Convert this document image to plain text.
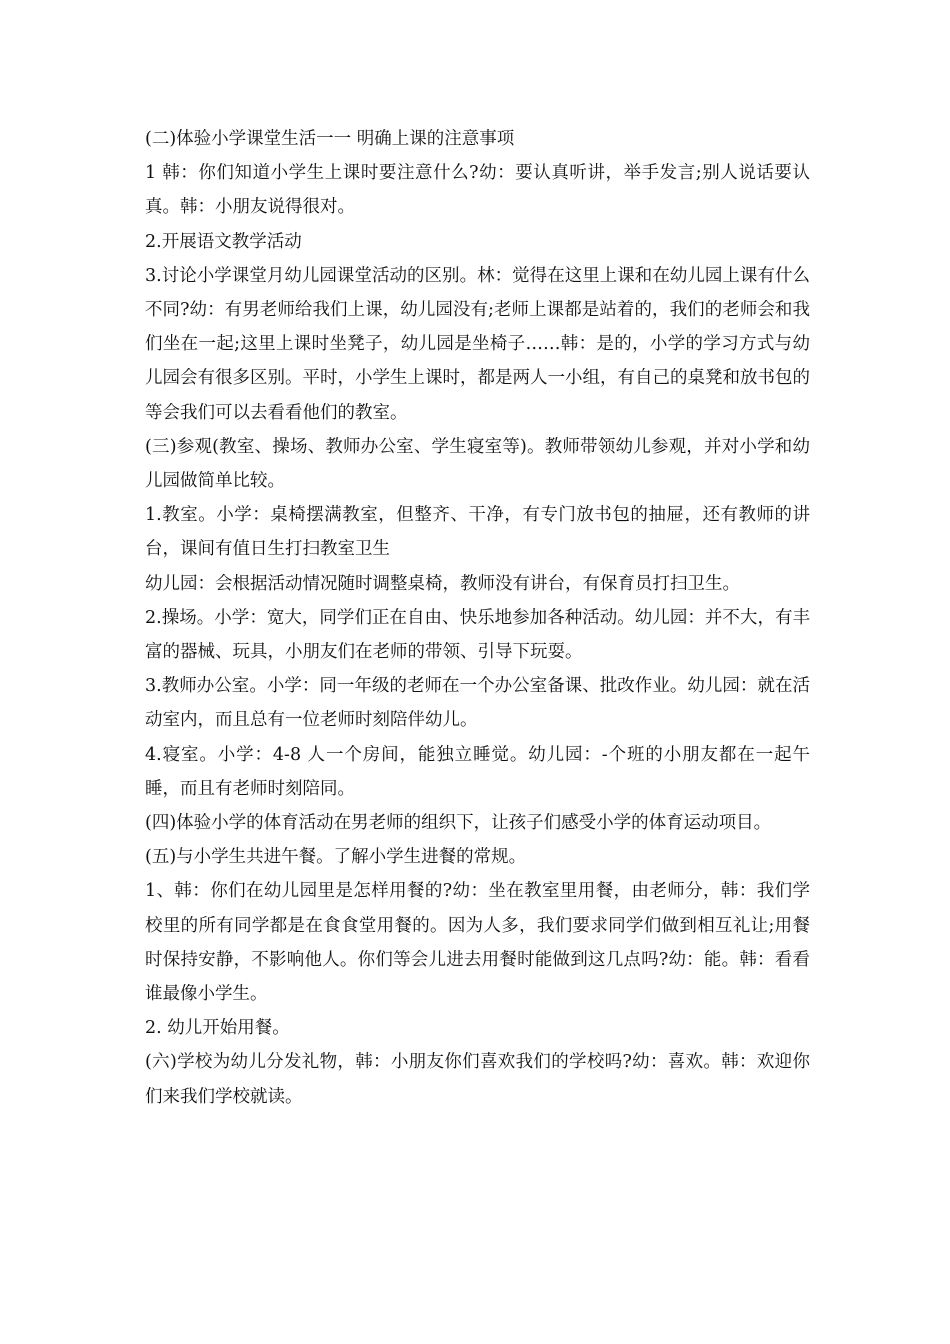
(二)体验小学课堂生活一一 明确上课的注意事项

1 韩：你们知道小学生上课时要注意什么?幼：要认真听讲，举手发言;别人说话要认真。韩：小朋友说得很对。

2.开展语文教学活动

3.讨论小学课堂月幼儿园课堂活动的区别。林：觉得在这里上课和在幼儿园上课有什么不同?幼：有男老师给我们上课，幼儿园没有;老师上课都是站着的，我们的老师会和我们坐在一起;这里上课时坐凳子，幼儿园是坐椅子……韩：是的，小学的学习方式与幼儿园会有很多区别。平时，小学生上课时，都是两人一小组，有自己的桌凳和放书包的等会我们可以去看看他们的教室。

(三)参观(教室、操场、教师办公室、学生寝室等)。教师带领幼儿参观，并对小学和幼儿园做简单比较。

1.教室。小学：桌椅摆满教室，但整齐、干净，有专门放书包的抽屉，还有教师的讲台，课间有值日生打扫教室卫生

幼儿园：会根据活动情况随时调整桌椅，教师没有讲台，有保育员打扫卫生。

2.操场。小学：宽大，同学们正在自由、快乐地参加各种活动。幼儿园：并不大，有丰富的器械、玩具，小朋友们在老师的带领、引导下玩耍。

3.教师办公室。小学：同一年级的老师在一个办公室备课、批改作业。幼儿园：就在活动室内，而且总有一位老师时刻陪伴幼儿。

4.寝室。小学：4-8 人一个房间，能独立睡觉。幼儿园：-个班的小朋友都在一起午睡，而且有老师时刻陪同。

(四)体验小学的体育活动在男老师的组织下，让孩子们感受小学的体育运动项目。

(五)与小学生共进午餐。了解小学生进餐的常规。

1、韩：你们在幼儿园里是怎样用餐的?幼：坐在教室里用餐，由老师分，韩：我们学校里的所有同学都是在食食堂用餐的。因为人多，我们要求同学们做到相互礼让;用餐时保持安静，不影响他人。你们等会儿进去用餐时能做到这几点吗?幼：能。韩：看看谁最像小学生。

2. 幼儿开始用餐。

(六)学校为幼儿分发礼物，韩：小朋友你们喜欢我们的学校吗?幼：喜欢。韩：欢迎你们来我们学校就读。
